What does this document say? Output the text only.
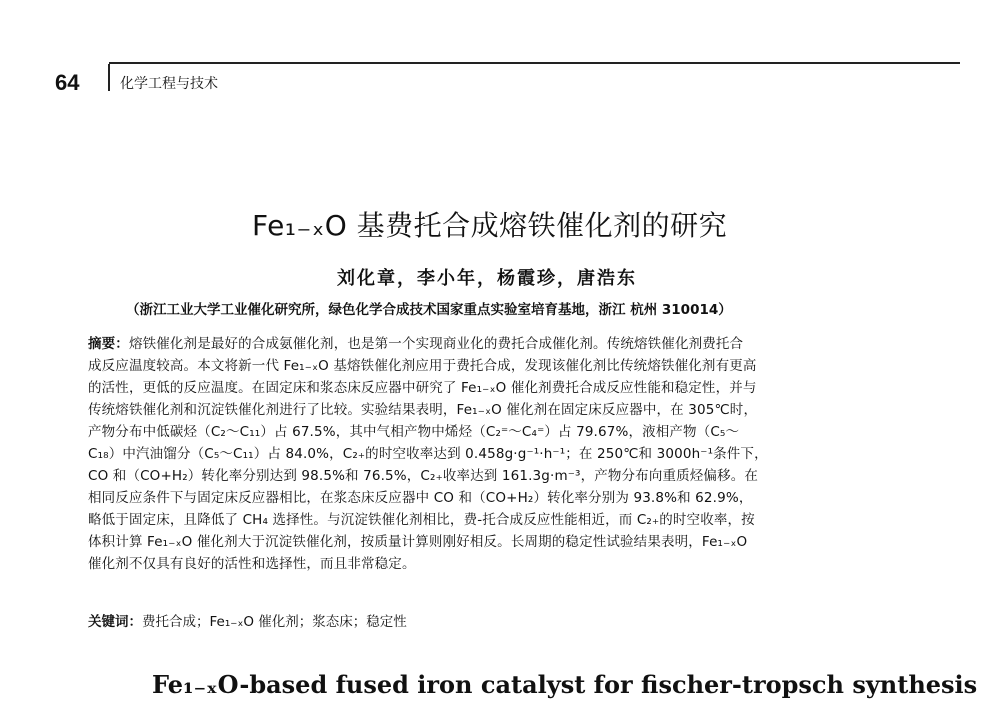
64	化学工程与技术
Fe₁₋ₓO 基费托合成熔铁催化剂的研究
刘化章，李小年，杨霞珍，唐浩东
（浙江工业大学工业催化研究所，绿色化学合成技术国家重点实验室培育基地，浙江 杭州 310014）
摘要：熔铁催化剂是最好的合成氨催化剂，也是第一个实现商业化的费托合成催化剂。传统熔铁催化剂费托合
成反应温度较高。本文将新一代 Fe₁₋ₓO 基熔铁催化剂应用于费托合成，发现该催化剂比传统熔铁催化剂有更高
的活性，更低的反应温度。在固定床和浆态床反应器中研究了 Fe₁₋ₓO 催化剂费托合成反应性能和稳定性，并与
传统熔铁催化剂和沉淀铁催化剂进行了比较。实验结果表明，Fe₁₋ₓO 催化剂在固定床反应器中，在 305℃时，
产物分布中低碳烃（C₂～C₁₁）占 67.5%，其中气相产物中烯烃（C₂⁼～C₄⁼）占 79.67%，液相产物（C₅～
C₁₈）中汽油馏分（C₅～C₁₁）占 84.0%，C₂₊的时空收率达到 0.458g·g⁻¹·h⁻¹；在 250℃和 3000h⁻¹条件下，
CO 和（CO+H₂）转化率分别达到 98.5%和 76.5%，C₂₊收率达到 161.3g·m⁻³，产物分布向重质烃偏移。在
相同反应条件下与固定床反应器相比，在浆态床反应器中 CO 和（CO+H₂）转化率分别为 93.8%和 62.9%，
略低于固定床，且降低了 CH₄ 选择性。与沉淀铁催化剂相比，费-托合成反应性能相近，而 C₂₊的时空收率，按
体积计算 Fe₁₋ₓO 催化剂大于沉淀铁催化剂，按质量计算则刚好相反。长周期的稳定性试验结果表明，Fe₁₋ₓO
催化剂不仅具有良好的活性和选择性，而且非常稳定。
关键词：费托合成；Fe₁₋ₓO 催化剂；浆态床；稳定性
Fe₁₋ₓO-based fused iron catalyst for fischer-tropsch synthesis
